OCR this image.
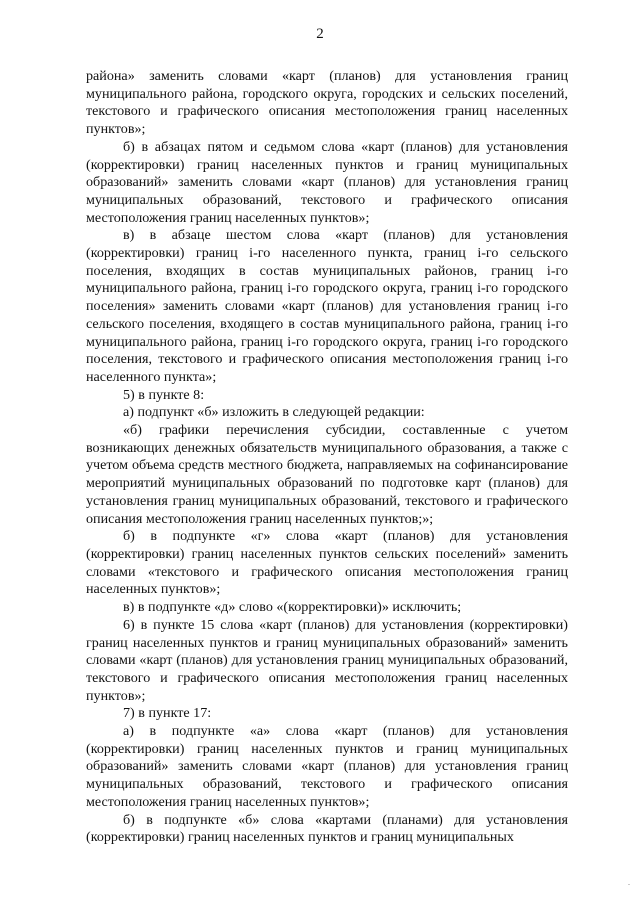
2

района» заменить словами «карт (планов) для установления границ муниципального района, городского округа, городских и сельских поселений, текстового и графического описания местоположения границ населенных пунктов»;

б) в абзацах пятом и седьмом слова «карт (планов) для установления (корректировки) границ населенных пунктов и границ муниципальных образований» заменить словами «карт (планов) для установления границ муниципальных образований, текстового и графического описания местоположения границ населенных пунктов»;

в) в абзаце шестом слова «карт (планов) для установления (корректировки) границ i-го населенного пункта, границ i-го сельского поселения, входящих в состав муниципальных районов, границ i-го муниципального района, границ i-го городского округа, границ i-го городского поселения» заменить словами «карт (планов) для установления границ i-го сельского поселения, входящего в состав муниципального района, границ i-го муниципального района, границ i-го городского округа, границ i-го городского поселения, текстового и графического описания местоположения границ i-го населенного пункта»;

5) в пункте 8:

а) подпункт «б» изложить в следующей редакции:

«б) графики перечисления субсидии, составленные с учетом возникающих денежных обязательств муниципального образования, а также с учетом объема средств местного бюджета, направляемых на софинансирование мероприятий муниципальных образований по подготовке карт (планов) для установления границ муниципальных образований, текстового и графического описания местоположения границ населенных пунктов;»;

б) в подпункте «г» слова «карт (планов) для установления (корректировки) границ населенных пунктов сельских поселений» заменить словами «текстового и графического описания местоположения границ населенных пунктов»;

в) в подпункте «д» слово «(корректировки)» исключить;

6) в пункте 15 слова «карт (планов) для установления (корректировки) границ населенных пунктов и границ муниципальных образований» заменить словами «карт (планов) для установления границ муниципальных образований, текстового и графического описания местоположения границ населенных пунктов»;

7) в пункте 17:

а) в подпункте «а» слова «карт (планов) для установления (корректировки) границ населенных пунктов и границ муниципальных образований» заменить словами «карт (планов) для установления границ муниципальных образований, текстового и графического описания местоположения границ населенных пунктов»;

б) в подпункте «б» слова «картами (планами) для установления (корректировки) границ населенных пунктов и границ муниципальных

.
